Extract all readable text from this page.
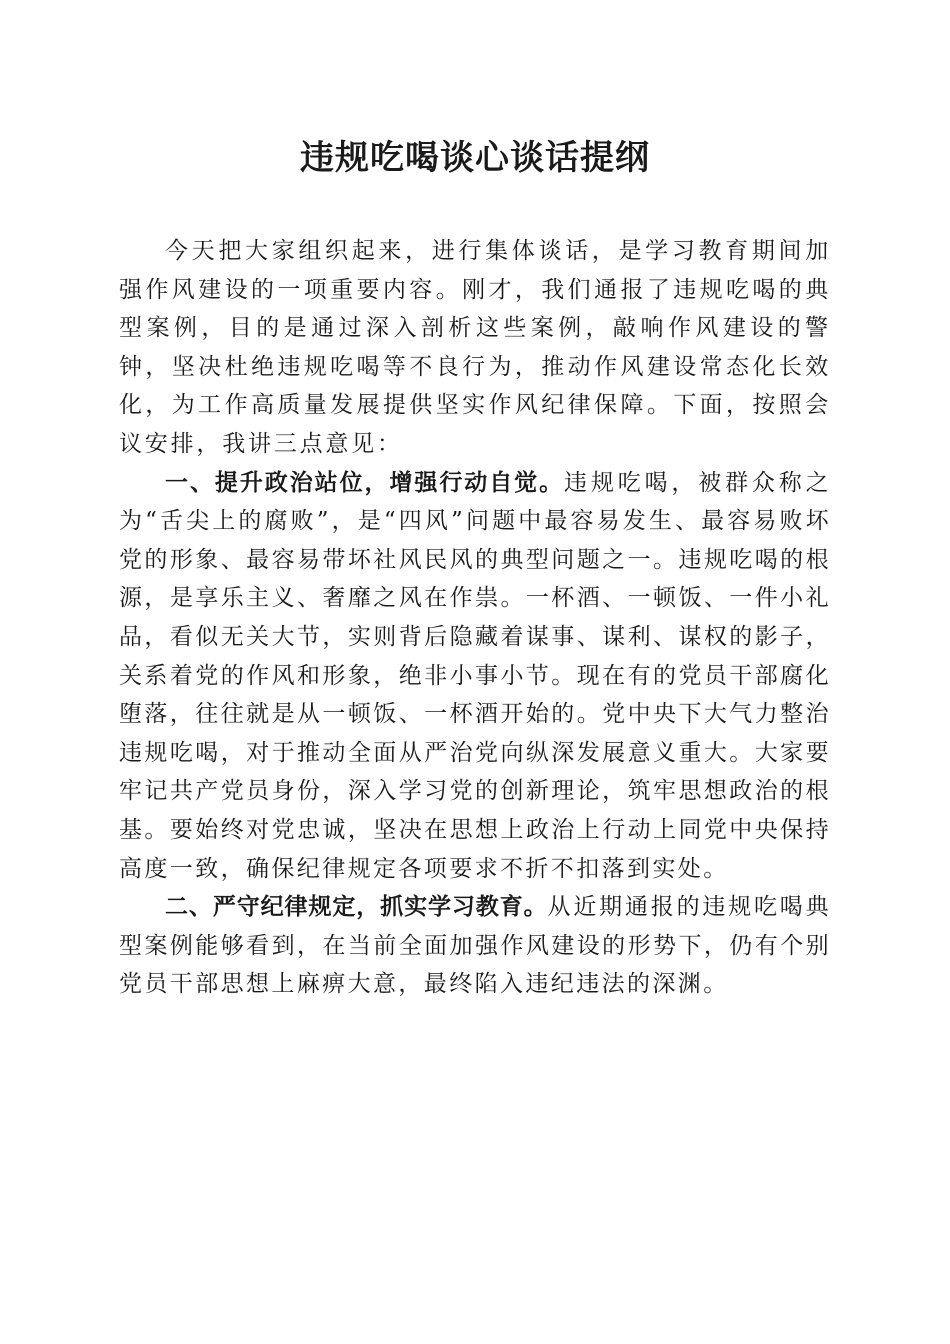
违规吃喝谈心谈话提纲

今天把大家组织起来，进行集体谈话，是学习教育期间加强作风建设的一项重要内容。刚才，我们通报了违规吃喝的典型案例，目的是通过深入剖析这些案例，敲响作风建设的警钟，坚决杜绝违规吃喝等不良行为，推动作风建设常态化长效化，为工作高质量发展提供坚实作风纪律保障。下面，按照会议安排，我讲三点意见：

一、提升政治站位，增强行动自觉。违规吃喝，被群众称之为“舌尖上的腐败”，是“四风”问题中最容易发生、最容易败坏党的形象、最容易带坏社风民风的典型问题之一。违规吃喝的根源，是享乐主义、奢靡之风在作祟。一杯酒、一顿饭、一件小礼品，看似无关大节，实则背后隐藏着谋事、谋利、谋权的影子，关系着党的作风和形象，绝非小事小节。现在有的党员干部腐化堕落，往往就是从一顿饭、一杯酒开始的。党中央下大气力整治违规吃喝，对于推动全面从严治党向纵深发展意义重大。大家要牢记共产党员身份，深入学习党的创新理论，筑牢思想政治的根基。要始终对党忠诚，坚决在思想上政治上行动上同党中央保持高度一致，确保纪律规定各项要求不折不扣落到实处。

二、严守纪律规定，抓实学习教育。从近期通报的违规吃喝典型案例能够看到，在当前全面加强作风建设的形势下，仍有个别党员干部思想上麻痹大意，最终陷入违纪违法的深渊。
